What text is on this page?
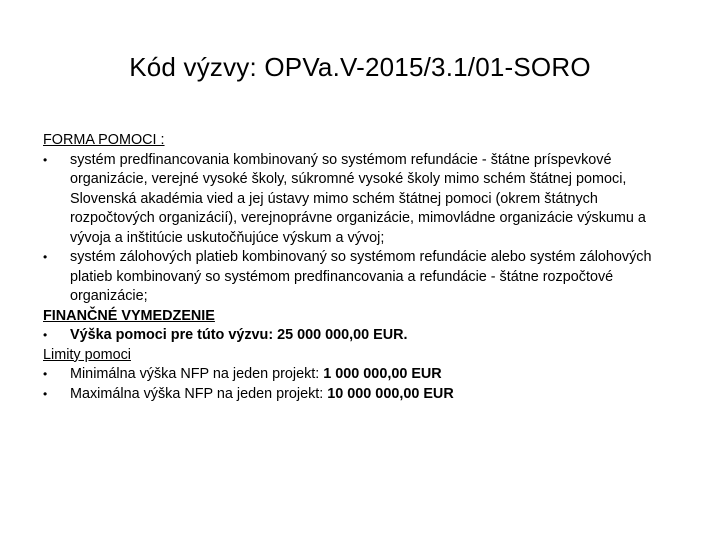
Kód výzvy: OPVa.V-2015/3.1/01-SORO

FORMA POMOCI :

•	systém predfinancovania kombinovaný so systémom refundácie - štátne príspevkové organizácie, verejné vysoké školy, súkromné vysoké školy mimo schém štátnej pomoci, Slovenská akadémia vied a jej ústavy mimo schém štátnej pomoci (okrem štátnych rozpočtových organizácií), verejnoprávne organizácie, mimovládne organizácie výskumu a vývoja a inštitúcie uskutočňujúce výskum a vývoj;

•	systém zálohových platieb kombinovaný so systémom refundácie alebo systém zálohových platieb kombinovaný so systémom predfinancovania a refundácie - štátne rozpočtové organizácie;

FINANČNÉ VYMEDZENIE

•	Výška pomoci pre túto výzvu: 25 000 000,00 EUR.

Limity pomoci

•	Minimálna výška NFP na jeden projekt: 1 000 000,00 EUR

•	Maximálna výška NFP na jeden projekt: 10 000 000,00 EUR
